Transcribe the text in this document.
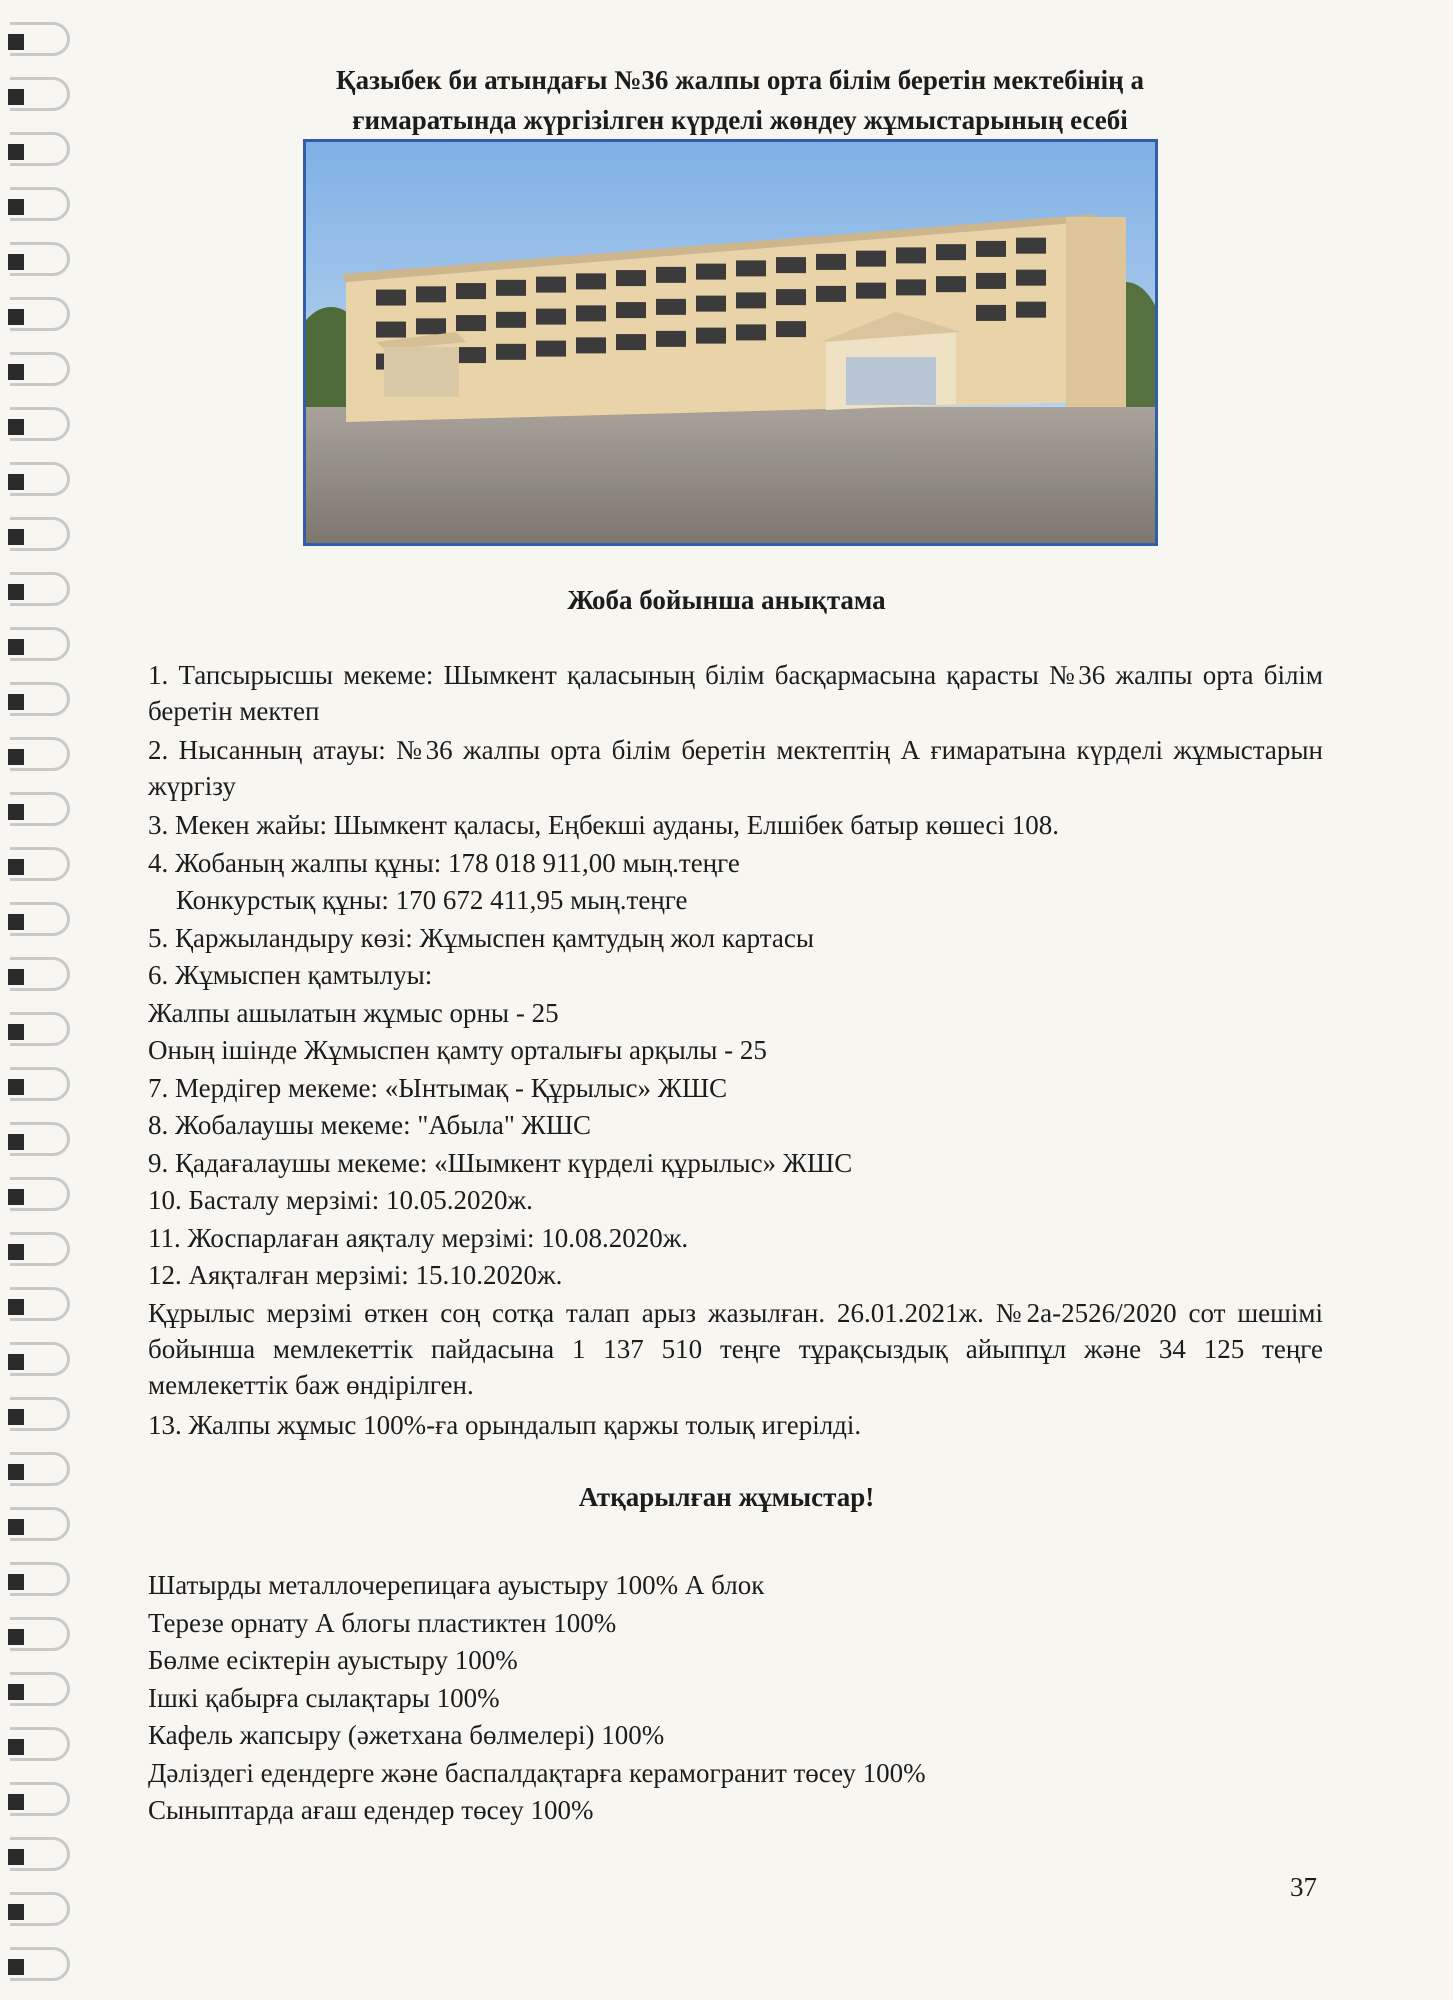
Қазыбек би атындағы №36 жалпы орта білім беретін мектебінің а
ғимаратында жүргізілген күрделі жөндеу жұмыстарының есебі
Жоба бойынша анықтама
1. Тапсырысшы мекеме: Шымкент қаласының білім басқармасына қарасты №36 жалпы орта білім беретін мектеп
2. Нысанның атауы: №36 жалпы орта білім беретін мектептің А ғимаратына күрделі жұмыстарын жүргізу
3. Мекен жайы: Шымкент қаласы, Еңбекші ауданы, Елшібек батыр көшесі 108.
4. Жобаның жалпы құны: 178 018 911,00 мың.теңге
Конкурстық құны: 170 672 411,95 мың.теңге
5. Қаржыландыру көзі: Жұмыспен қамтудың жол картасы
6. Жұмыспен қамтылуы:
Жалпы ашылатын жұмыс орны - 25
Оның ішінде Жұмыспен қамту орталығы арқылы - 25
7. Мердігер мекеме: «Ынтымақ - Құрылыс» ЖШС
8. Жобалаушы мекеме: "Абыла" ЖШС
9. Қадағалаушы мекеме: «Шымкент күрделі құрылыс» ЖШС
10. Басталу мерзімі: 10.05.2020ж.
11. Жоспарлаған аяқталу мерзімі: 10.08.2020ж.
12. Аяқталған мерзімі: 15.10.2020ж.
Құрылыс мерзімі өткен соң сотқа талап арыз жазылған. 26.01.2021ж. №2а-2526/2020 сот шешімі бойынша мемлекеттік пайдасына 1 137 510 теңге тұрақсыздық айыппұл және 34 125 теңге мемлекеттік баж өндірілген.
13. Жалпы жұмыс 100%-ға орындалып қаржы толық игерілді.
Атқарылған жұмыстар!
Шатырды металлочерепицаға ауыстыру 100% А блок
Терезе орнату А блогы пластиктен 100%
Бөлме есіктерін ауыстыру 100%
Ішкі қабырға сылақтары 100%
Кафель жапсыру (әжетхана бөлмелері) 100%
Дәліздегі едендерге және баспалдақтарға керамогранит төсеу 100%
Сыныптарда ағаш едендер төсеу 100%
37
